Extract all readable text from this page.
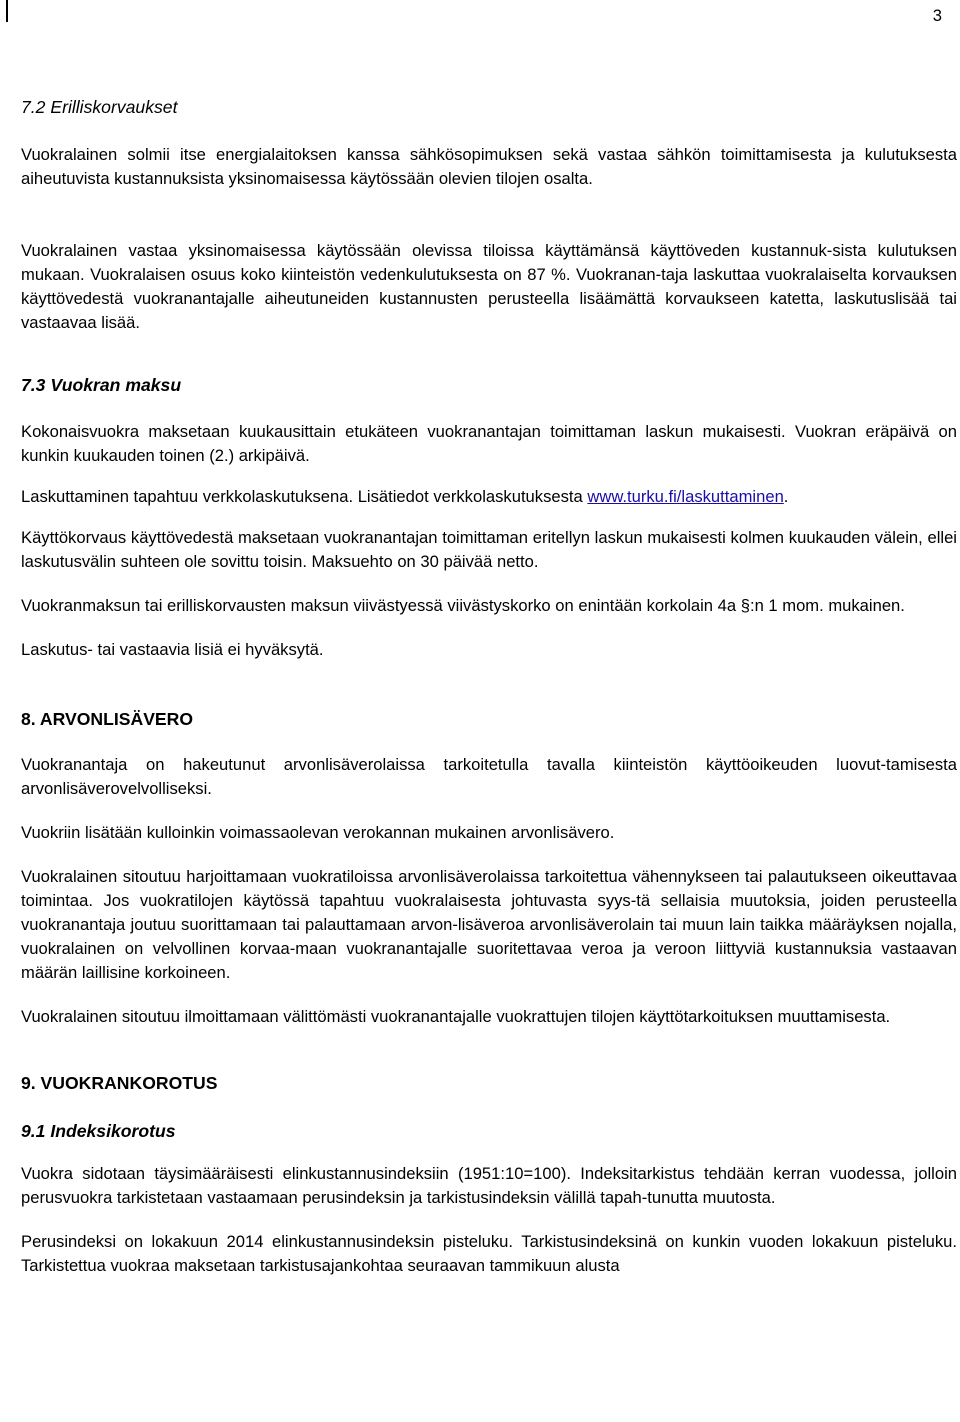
3
7.2 Erilliskorvaukset

Vuokralainen solmii itse energialaitoksen kanssa sähkösopimuksen sekä vastaa sähkön toimittamisesta ja kulutuksesta aiheutuvista kustannuksista yksinomaisessa käytössään olevien tilojen osalta.

Vuokralainen vastaa yksinomaisessa käytössään olevissa tiloissa käyttämänsä käyttöveden kustannuk-sista kulutuksen mukaan. Vuokralaisen osuus koko kiinteistön vedenkulutuksesta on 87 %. Vuokranan-taja laskuttaa vuokralaiselta korvauksen käyttövedestä vuokranantajalle aiheutuneiden kustannusten perusteella lisäämättä korvaukseen katetta, laskutuslisää tai vastaavaa lisää.

7.3 Vuokran maksu

Kokonaisvuokra maksetaan kuukausittain etukäteen vuokranantajan toimittaman laskun mukaisesti. Vuokran eräpäivä on kunkin kuukauden toinen (2.) arkipäivä.

Laskuttaminen tapahtuu verkkolaskutuksena. Lisätiedot verkkolaskutuksesta www.turku.fi/laskuttaminen.

Käyttökorvaus käyttövedestä maksetaan vuokranantajan toimittaman eritellyn laskun mukaisesti kolmen kuukauden välein, ellei laskutusvälin suhteen ole sovittu toisin. Maksuehto on 30 päivää netto.

Vuokranmaksun tai erilliskorvausten maksun viivästyessä viivästyskorko on enintään korkolain 4a §:n 1 mom. mukainen.

Laskutus- tai vastaavia lisiä ei hyväksytä.

8. ARVONLISÄVERO

Vuokranantaja on hakeutunut arvonlisäverolaissa tarkoitetulla tavalla kiinteistön käyttöoikeuden luovut-tamisesta arvonlisäverovelvolliseksi.

Vuokriin lisätään kulloinkin voimassaolevan verokannan mukainen arvonlisävero.

Vuokralainen sitoutuu harjoittamaan vuokratiloissa arvonlisäverolaissa tarkoitettua vähennykseen tai palautukseen oikeuttavaa toimintaa. Jos vuokratilojen käytössä tapahtuu vuokralaisesta johtuvasta syys-tä sellaisia muutoksia, joiden perusteella vuokranantaja joutuu suorittamaan tai palauttamaan arvon-lisäveroa arvonlisäverolain tai muun lain taikka määräyksen nojalla, vuokralainen on velvollinen korvaa-maan vuokranantajalle suoritettavaa veroa ja veroon liittyviä kustannuksia vastaavan määrän laillisine korkoineen.

Vuokralainen sitoutuu ilmoittamaan välittömästi vuokranantajalle vuokrattujen tilojen käyttötarkoituksen muuttamisesta.

9. VUOKRANKOROTUS
9.1 Indeksikorotus

Vuokra sidotaan täysimääräisesti elinkustannusindeksiin (1951:10=100). Indeksitarkistus tehdään kerran vuodessa, jolloin perusvuokra tarkistetaan vastaamaan perusindeksin ja tarkistusindeksin välillä tapah-tunutta muutosta.

Perusindeksi on lokakuun 2014 elinkustannusindeksin pisteluku. Tarkistusindeksinä on kunkin vuoden lokakuun pisteluku. Tarkistettua vuokraa maksetaan tarkistusajankohtaa seuraavan tammikuun alusta
